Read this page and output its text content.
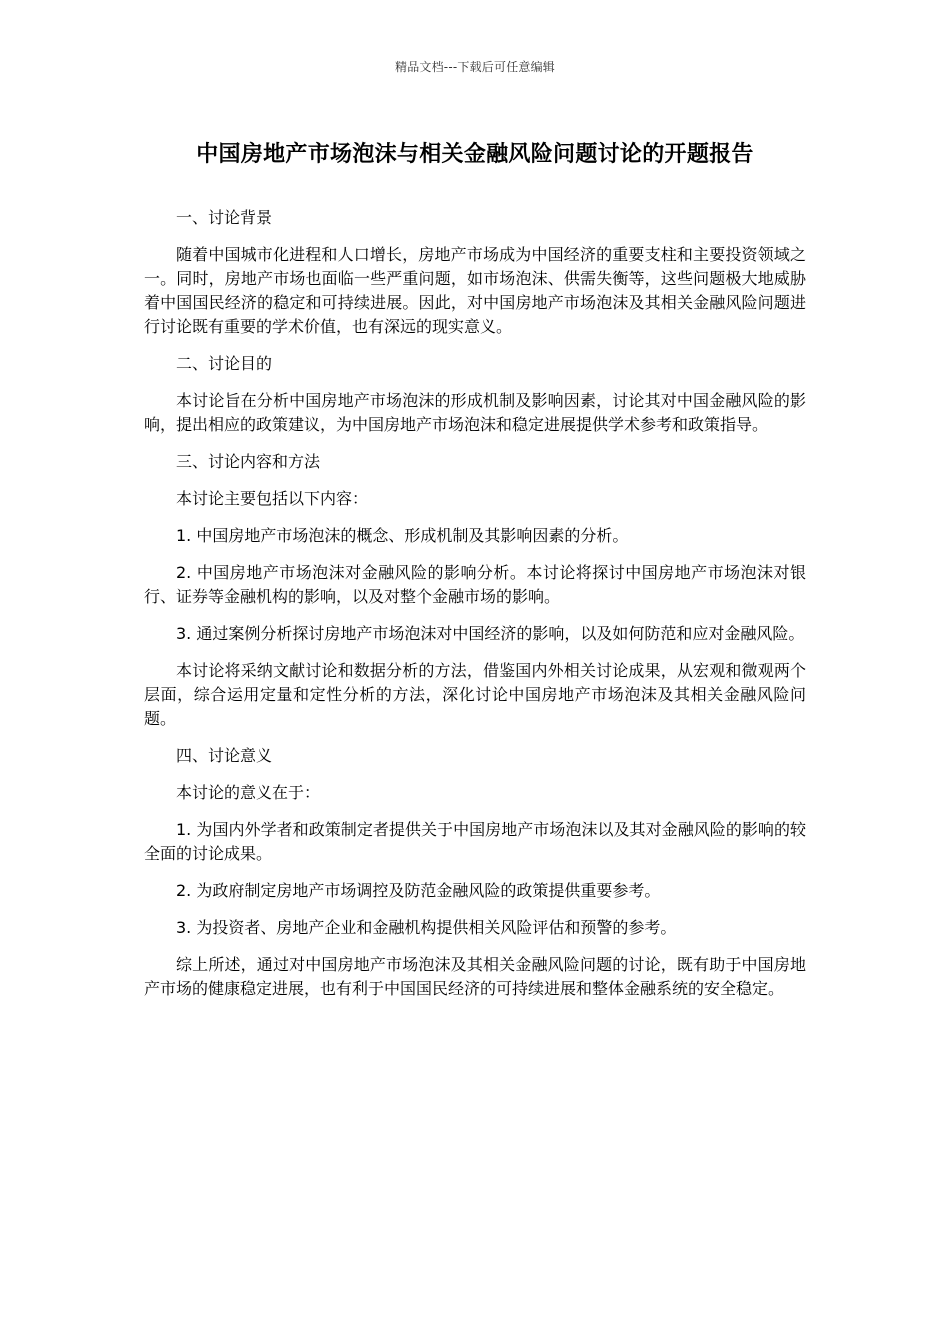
精品文档---下载后可任意编辑
中国房地产市场泡沫与相关金融风险问题讨论的开题报告

一、讨论背景

随着中国城市化进程和人口增长，房地产市场成为中国经济的重要支柱和主要投资领域之一。同时，房地产市场也面临一些严重问题，如市场泡沫、供需失衡等，这些问题极大地威胁着中国国民经济的稳定和可持续进展。因此，对中国房地产市场泡沫及其相关金融风险问题进行讨论既有重要的学术价值，也有深远的现实意义。

二、讨论目的

本讨论旨在分析中国房地产市场泡沫的形成机制及影响因素，讨论其对中国金融风险的影响，提出相应的政策建议，为中国房地产市场泡沫和稳定进展提供学术参考和政策指导。

三、讨论内容和方法

本讨论主要包括以下内容：

1. 中国房地产市场泡沫的概念、形成机制及其影响因素的分析。

2. 中国房地产市场泡沫对金融风险的影响分析。本讨论将探讨中国房地产市场泡沫对银行、证券等金融机构的影响，以及对整个金融市场的影响。

3. 通过案例分析探讨房地产市场泡沫对中国经济的影响，以及如何防范和应对金融风险。

本讨论将采纳文献讨论和数据分析的方法，借鉴国内外相关讨论成果，从宏观和微观两个层面，综合运用定量和定性分析的方法，深化讨论中国房地产市场泡沫及其相关金融风险问题。

四、讨论意义

本讨论的意义在于：

1. 为国内外学者和政策制定者提供关于中国房地产市场泡沫以及其对金融风险的影响的较全面的讨论成果。

2. 为政府制定房地产市场调控及防范金融风险的政策提供重要参考。

3. 为投资者、房地产企业和金融机构提供相关风险评估和预警的参考。

综上所述，通过对中国房地产市场泡沫及其相关金融风险问题的讨论，既有助于中国房地产市场的健康稳定进展，也有利于中国国民经济的可持续进展和整体金融系统的安全稳定。
